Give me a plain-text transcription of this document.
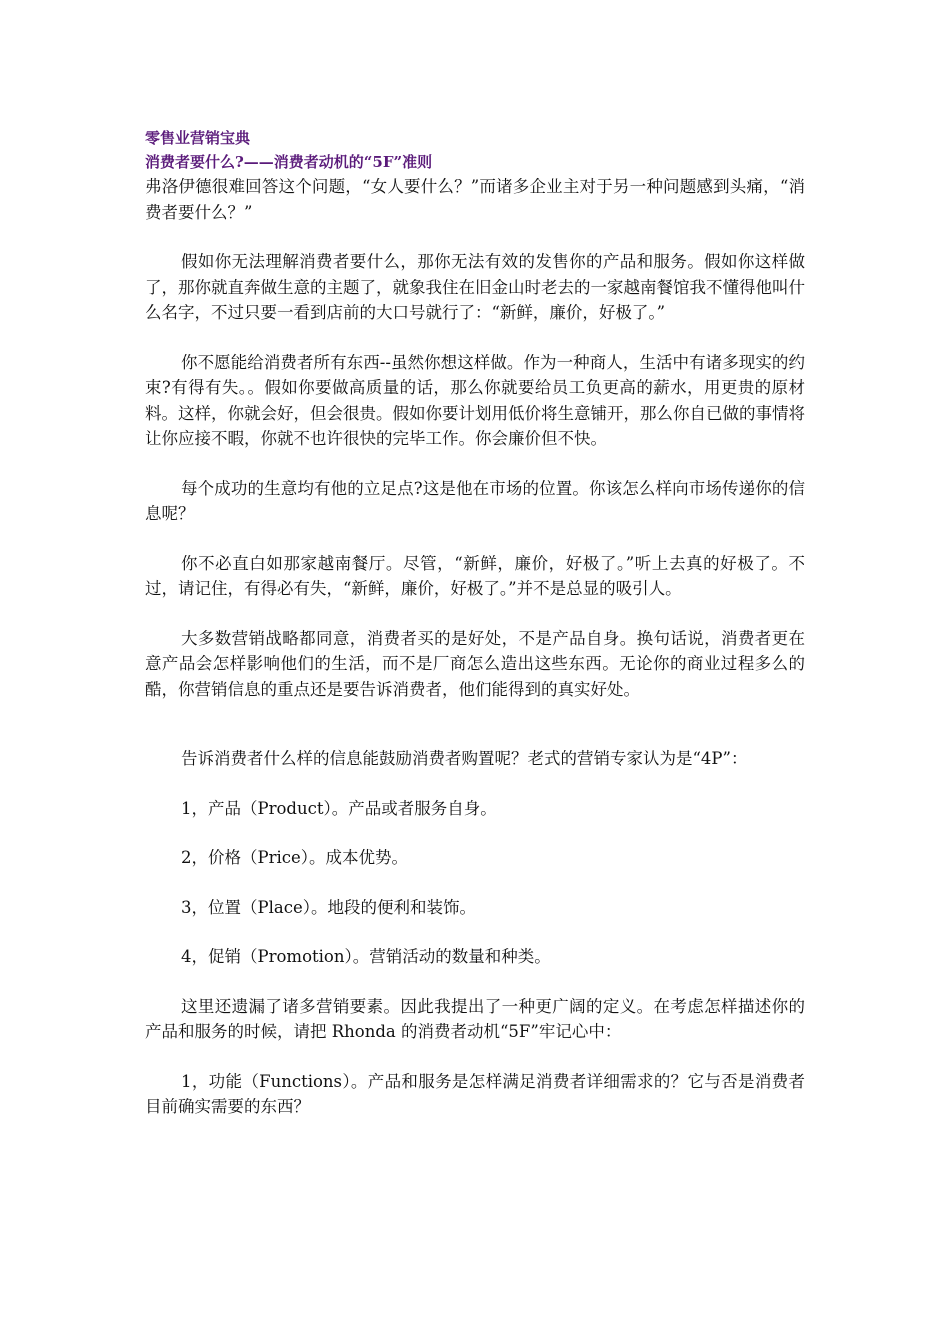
零售业营销宝典

消费者要什么?——消费者动机的“5F”准则

弗洛伊德很难回答这个问题，“女人要什么？”而诸多企业主对于另一种问题感到头痛，“消费者要什么？”

假如你无法理解消费者要什么，那你无法有效的发售你的产品和服务。假如你这样做了，那你就直奔做生意的主题了，就象我住在旧金山时老去的一家越南餐馆我不懂得他叫什么名字，不过只要一看到店前的大口号就行了：“新鲜，廉价，好极了。”

你不愿能给消费者所有东西--虽然你想这样做。作为一种商人，生活中有诸多现实的约束?有得有失。。假如你要做高质量的话，那么你就要给员工负更高的薪水，用更贵的原材料。这样，你就会好，但会很贵。假如你要计划用低价将生意铺开，那么你自已做的事情将让你应接不暇，你就不也许很快的完毕工作。你会廉价但不快。

每个成功的生意均有他的立足点?这是他在市场的位置。你该怎么样向市场传递你的信息呢？

你不必直白如那家越南餐厅。尽管，“新鲜，廉价，好极了。”听上去真的好极了。不过，请记住，有得必有失，“新鲜，廉价，好极了。”并不是总显的吸引人。

大多数营销战略都同意，消费者买的是好处，不是产品自身。换句话说，消费者更在意产品会怎样影响他们的生活，而不是厂商怎么造出这些东西。无论你的商业过程多么的酷，你营销信息的重点还是要告诉消费者，他们能得到的真实好处。

告诉消费者什么样的信息能鼓励消费者购置呢？老式的营销专家认为是“4P”：

1，产品（Product）。产品或者服务自身。

2，价格（Price）。成本优势。

3，位置（Place）。地段的便利和装饰。

4，促销（Promotion）。营销活动的数量和种类。

这里还遗漏了诸多营销要素。因此我提出了一种更广阔的定义。在考虑怎样描述你的产品和服务的时候，请把 Rhonda 的消费者动机“5F”牢记心中：

1，功能（Functions）。产品和服务是怎样满足消费者详细需求的？它与否是消费者目前确实需要的东西？
